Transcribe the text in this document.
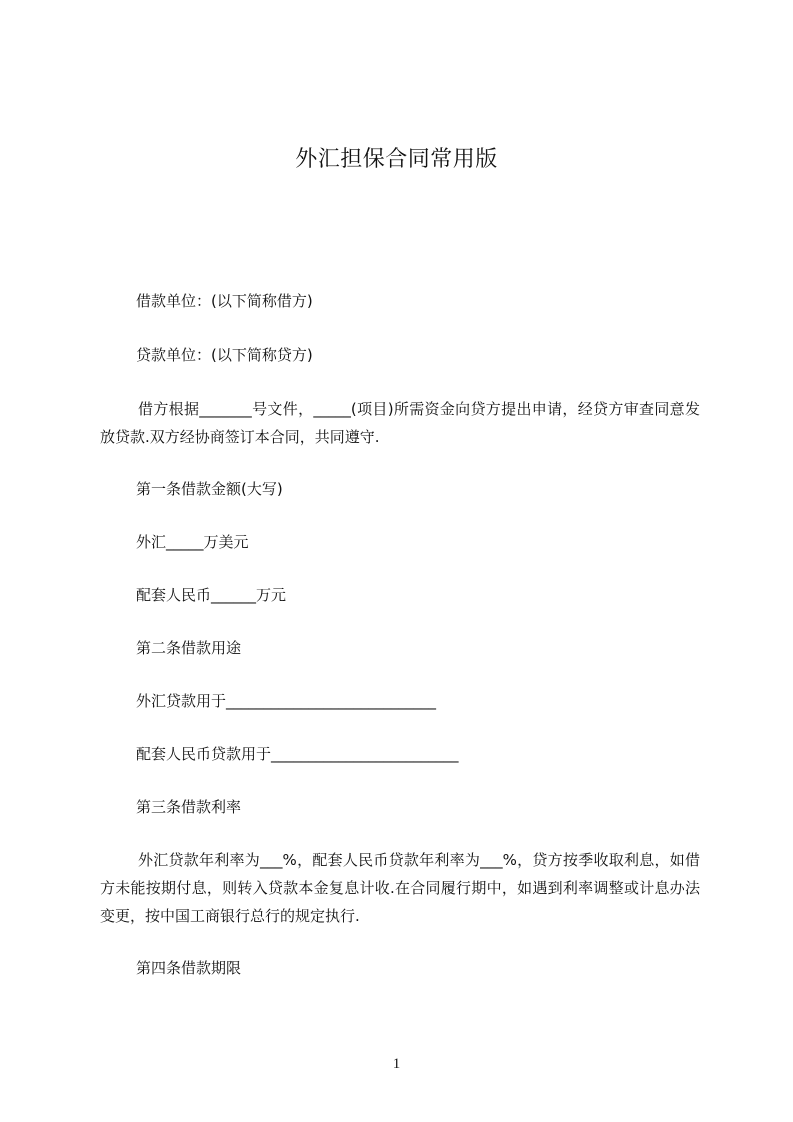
外汇担保合同常用版
借款单位：(以下简称借方)
贷款单位：(以下简称贷方)
借方根据_______号文件，_____(项目)所需资金向贷方提出申请，经贷方审查同意发放贷款.双方经协商签订本合同，共同遵守.
第一条借款金额(大写)
外汇_____万美元
配套人民币______万元
第二条借款用途
外汇贷款用于____________________________
配套人民币贷款用于_________________________
第三条借款利率
外汇贷款年利率为___%，配套人民币贷款年利率为___%，贷方按季收取利息，如借方未能按期付息，则转入贷款本金复息计收.在合同履行期中，如遇到利率调整或计息办法变更，按中国工商银行总行的规定执行.
第四条借款期限
1
